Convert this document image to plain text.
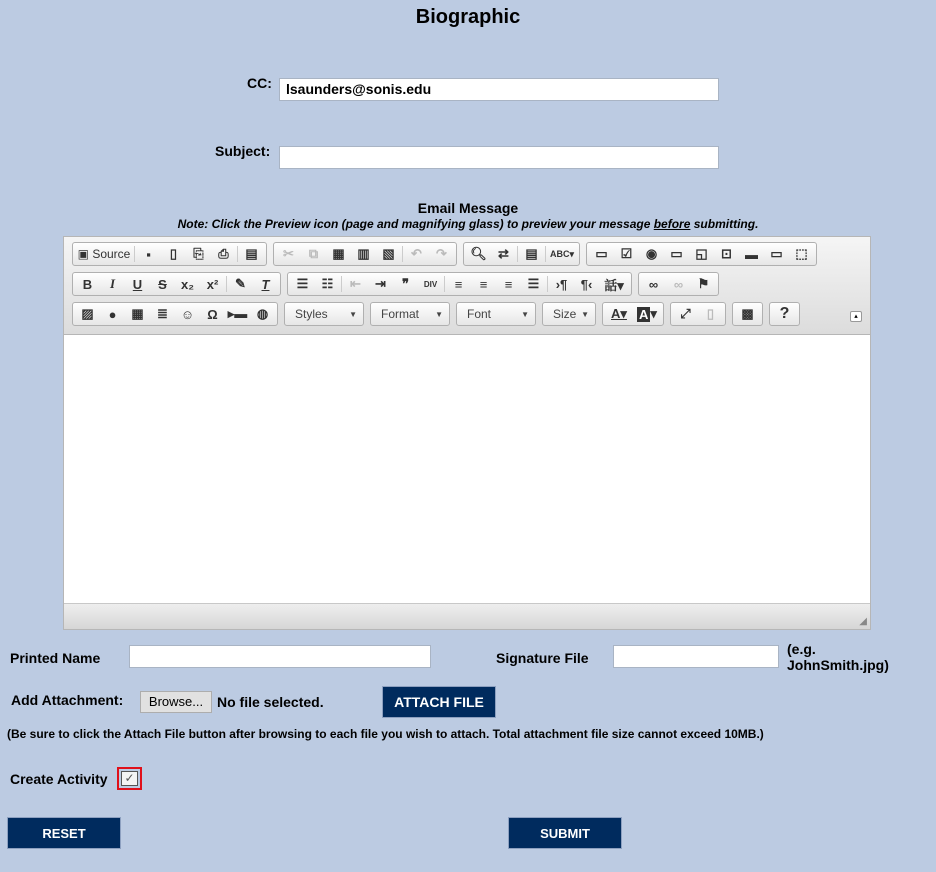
Biographic
CC:	lsaunders@sonis.edu
Subject:
Email Message
Note: Click the Preview icon (page and magnifying glass) to preview your message before submitting.
▣ Source	▪	▯	⎘	⎙	▤	✂	⧉	▦ ▥ ▧	↶	↷	🔍︎ ⇄	▤	ABC▾	▭	☑	◉	▭ ◱	⊡	▬ ▭ ⬚
B	I	U	S	x₂ x²	✎	T	☰	☷	⇤	⇥	❞	DIV	≡	≡	≡	☰	›¶	¶‹ 話▾	∞	∞	⚑
▨	●	▦	≣ ☺	Ω ▸▬ ◍	Styles	▼ Format ▼ Font	▼ Size ▼	A▾ A ▾	⤢	▯	▩	?	▴
◢
Printed Name	Signature File
(e.g. JohnSmith.jpg)
Add Attachment:	Browse... No file selected.	ATTACH FILE
(Be sure to click the Attach File button after browsing to each file you wish to attach. Total attachment file size cannot exceed 10MB.)
Create Activity ✓
RESET	SUBMIT
